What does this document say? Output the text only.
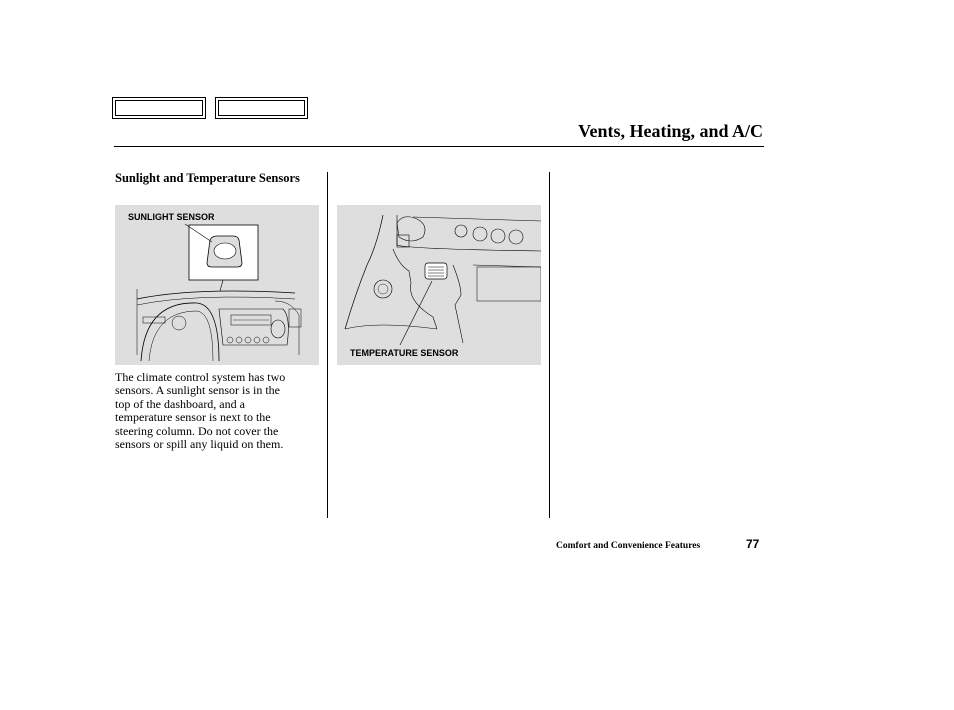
Vents, Heating, and A/C
Sunlight and Temperature Sensors
SUNLIGHT SENSOR
TEMPERATURE SENSOR
The climate control system has two
sensors. A sunlight sensor is in the
top of the dashboard, and a
temperature sensor is next to the
steering column. Do not cover the
sensors or spill any liquid on them.
Comfort and Convenience Features	77
